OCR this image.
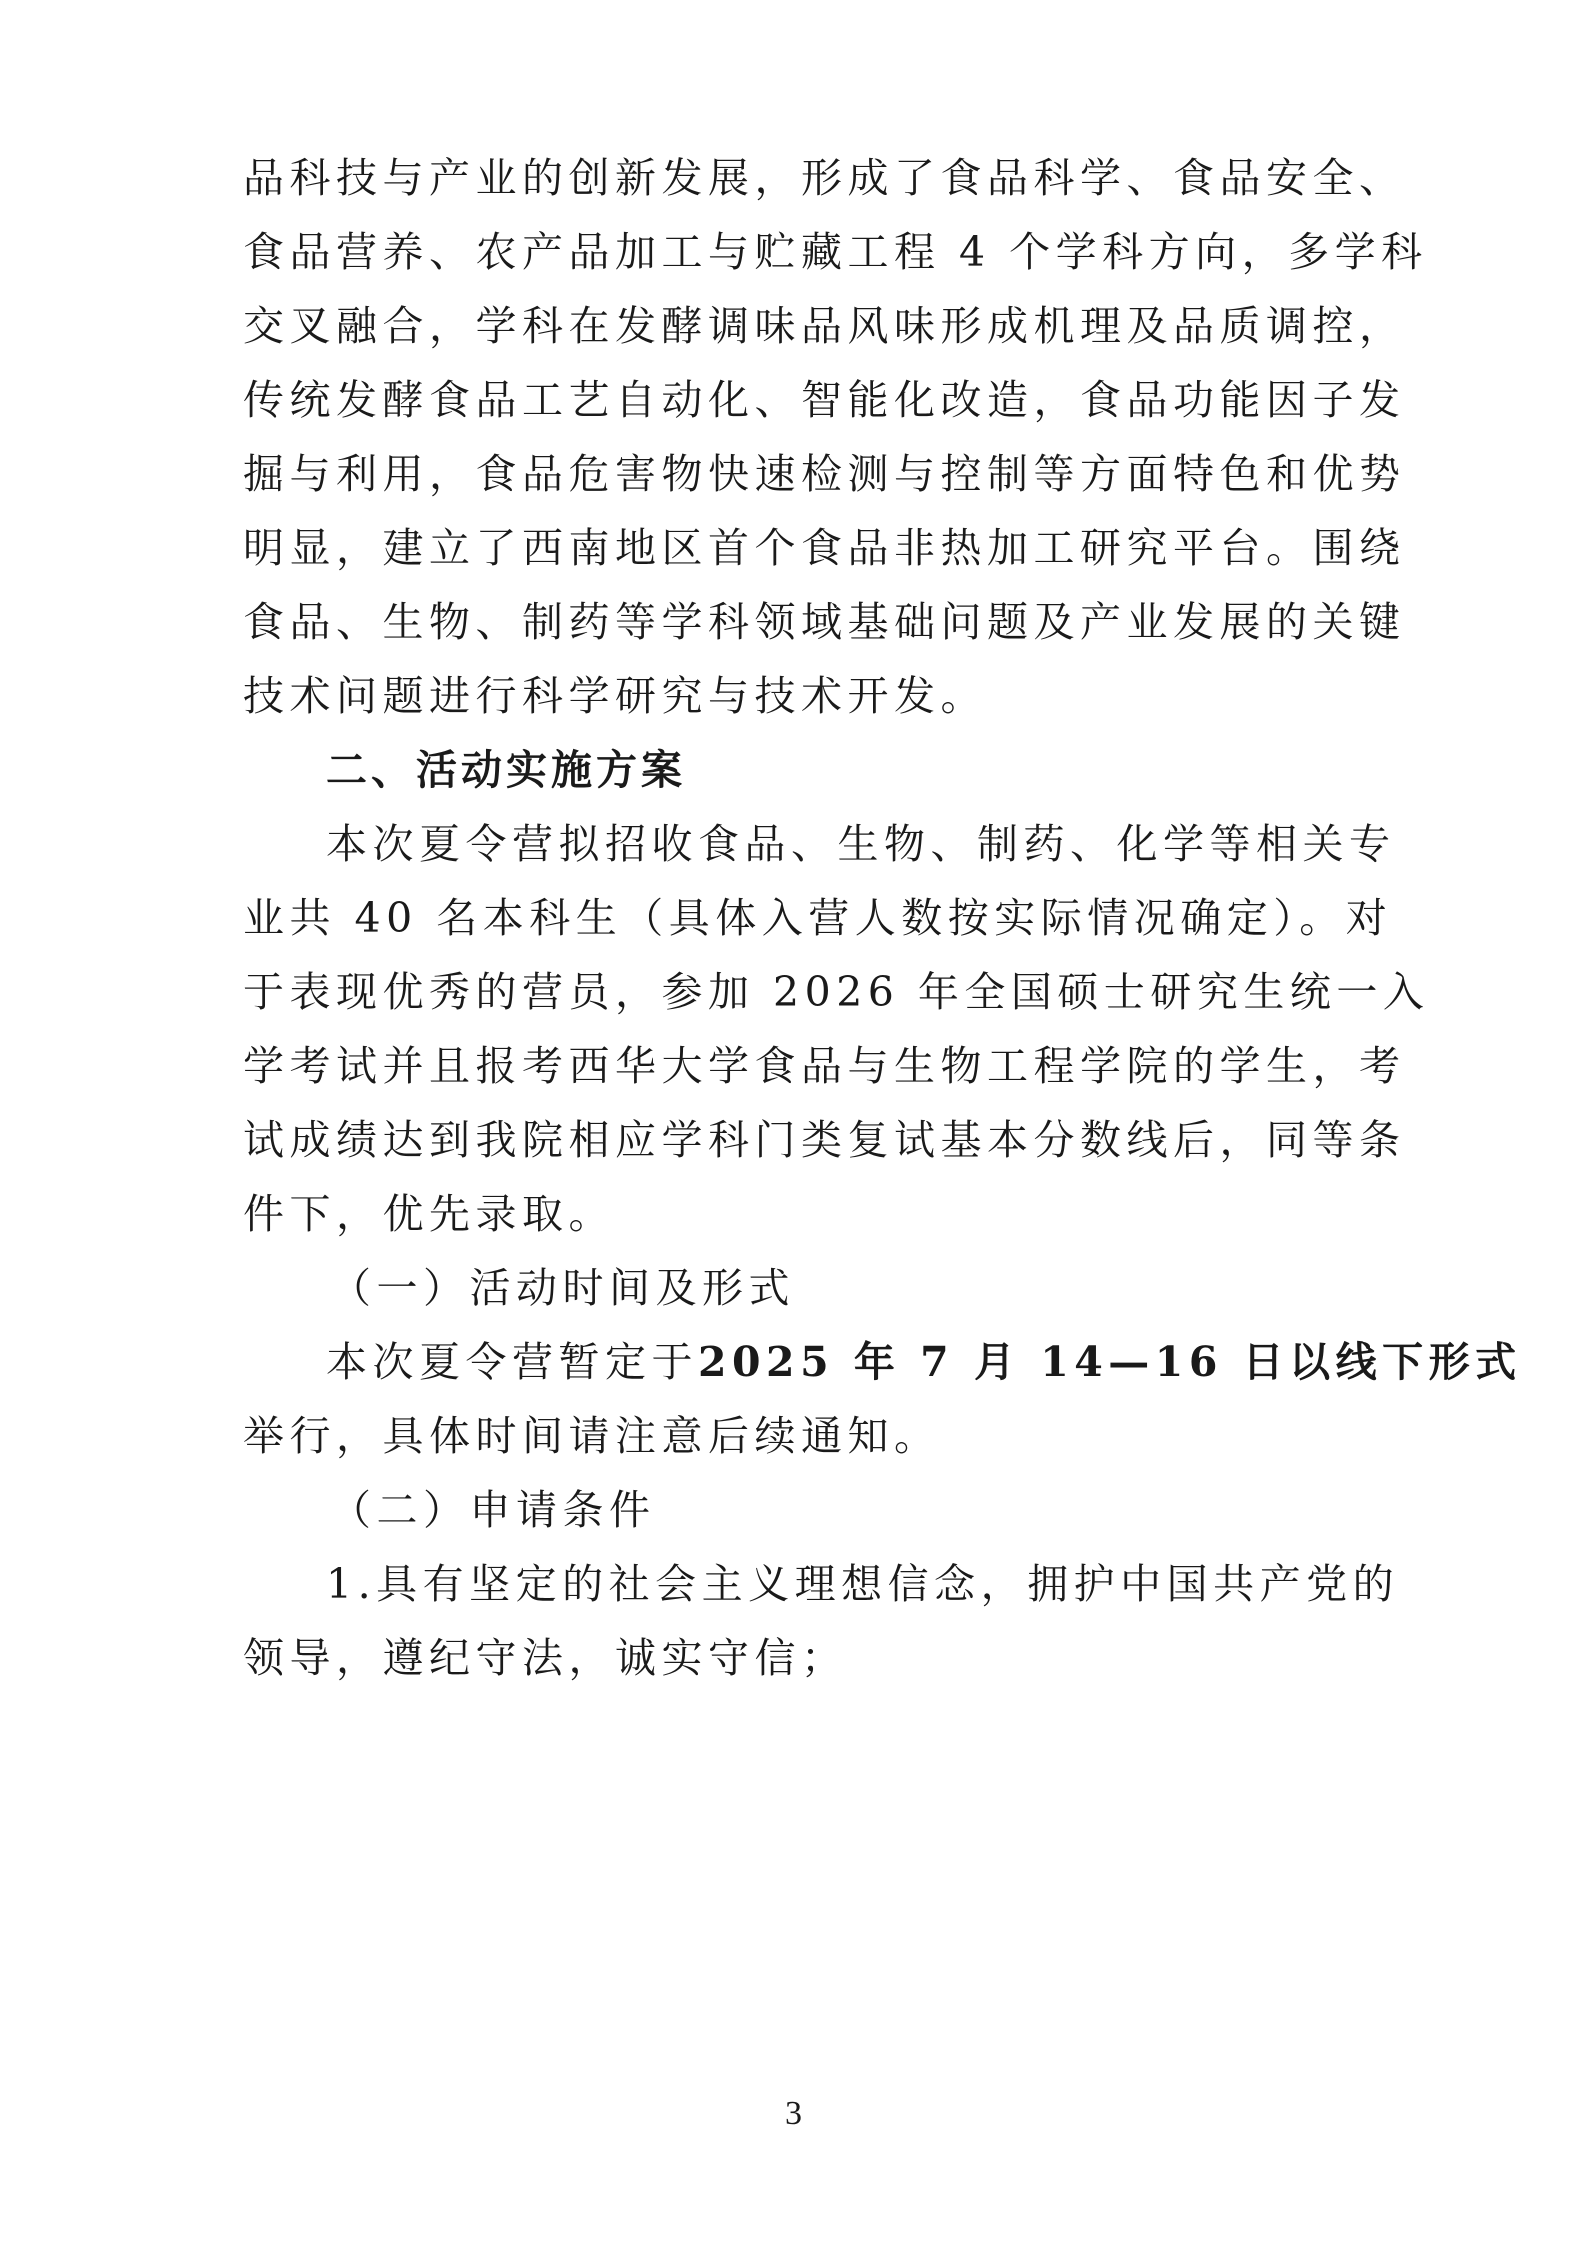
品科技与产业的创新发展，形成了食品科学、食品安全、
食品营养、农产品加工与贮藏工程 4 个学科方向，多学科
交叉融合，学科在发酵调味品风味形成机理及品质调控，
传统发酵食品工艺自动化、智能化改造，食品功能因子发
掘与利用，食品危害物快速检测与控制等方面特色和优势
明显，建立了西南地区首个食品非热加工研究平台。围绕
食品、生物、制药等学科领域基础问题及产业发展的关键
技术问题进行科学研究与技术开发。
二、活动实施方案
本次夏令营拟招收食品、生物、制药、化学等相关专
业共 40 名本科生（具体入营人数按实际情况确定）。对
于表现优秀的营员，参加 2026 年全国硕士研究生统一入
学考试并且报考西华大学食品与生物工程学院的学生，考
试成绩达到我院相应学科门类复试基本分数线后，同等条
件下，优先录取。
（一）活动时间及形式
本次夏令营暂定于2025 年 7 月 14—16 日以线下形式
举行，具体时间请注意后续通知。
（二）申请条件
1.具有坚定的社会主义理想信念，拥护中国共产党的
领导，遵纪守法，诚实守信；
3
